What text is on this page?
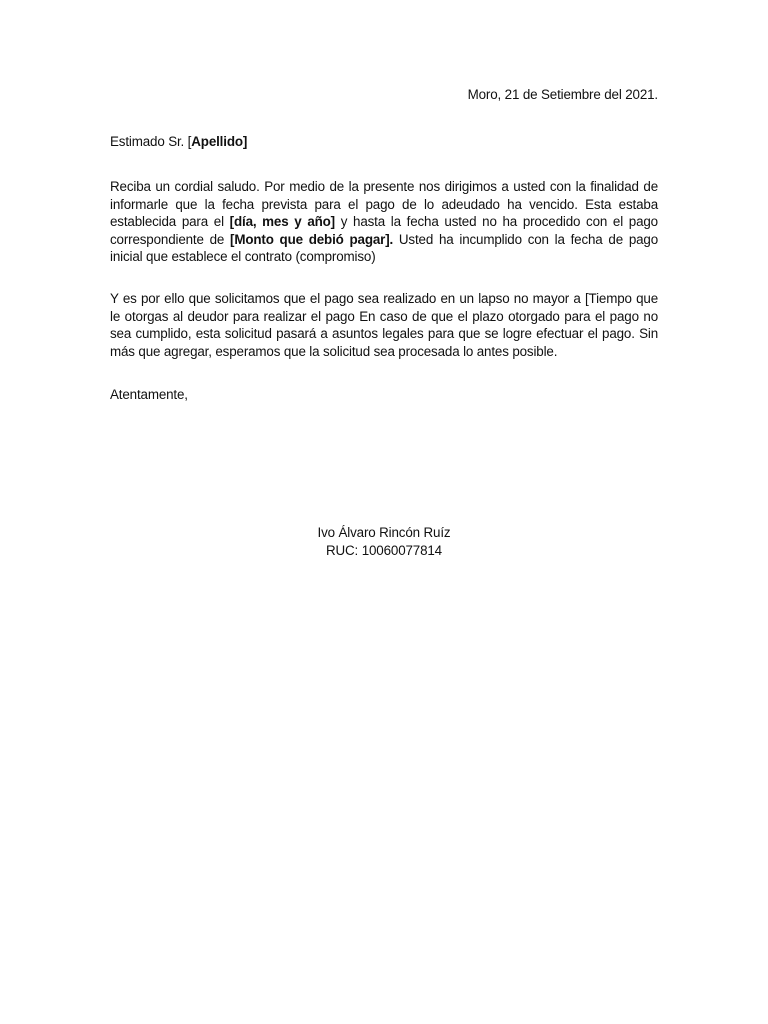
Moro, 21 de Setiembre del 2021.
Estimado Sr. [Apellido]

Reciba un cordial saludo. Por medio de la presente nos dirigimos a usted con la finalidad de informarle que la fecha prevista para el pago de lo adeudado ha vencido. Esta estaba establecida para el [día, mes y año] y hasta la fecha usted no ha procedido con el pago correspondiente de [Monto que debió pagar]. Usted ha incumplido con la fecha de pago inicial que establece el contrato (compromiso)

Y es por ello que solicitamos que el pago sea realizado en un lapso no mayor a [Tiempo que le otorgas al deudor para realizar el pago En caso de que el plazo otorgado para el pago no sea cumplido, esta solicitud pasará a asuntos legales para que se logre efectuar el pago. Sin más que agregar, esperamos que la solicitud sea procesada lo antes posible.

Atentamente,
Ivo Álvaro Rincón Ruíz
RUC: 10060077814
